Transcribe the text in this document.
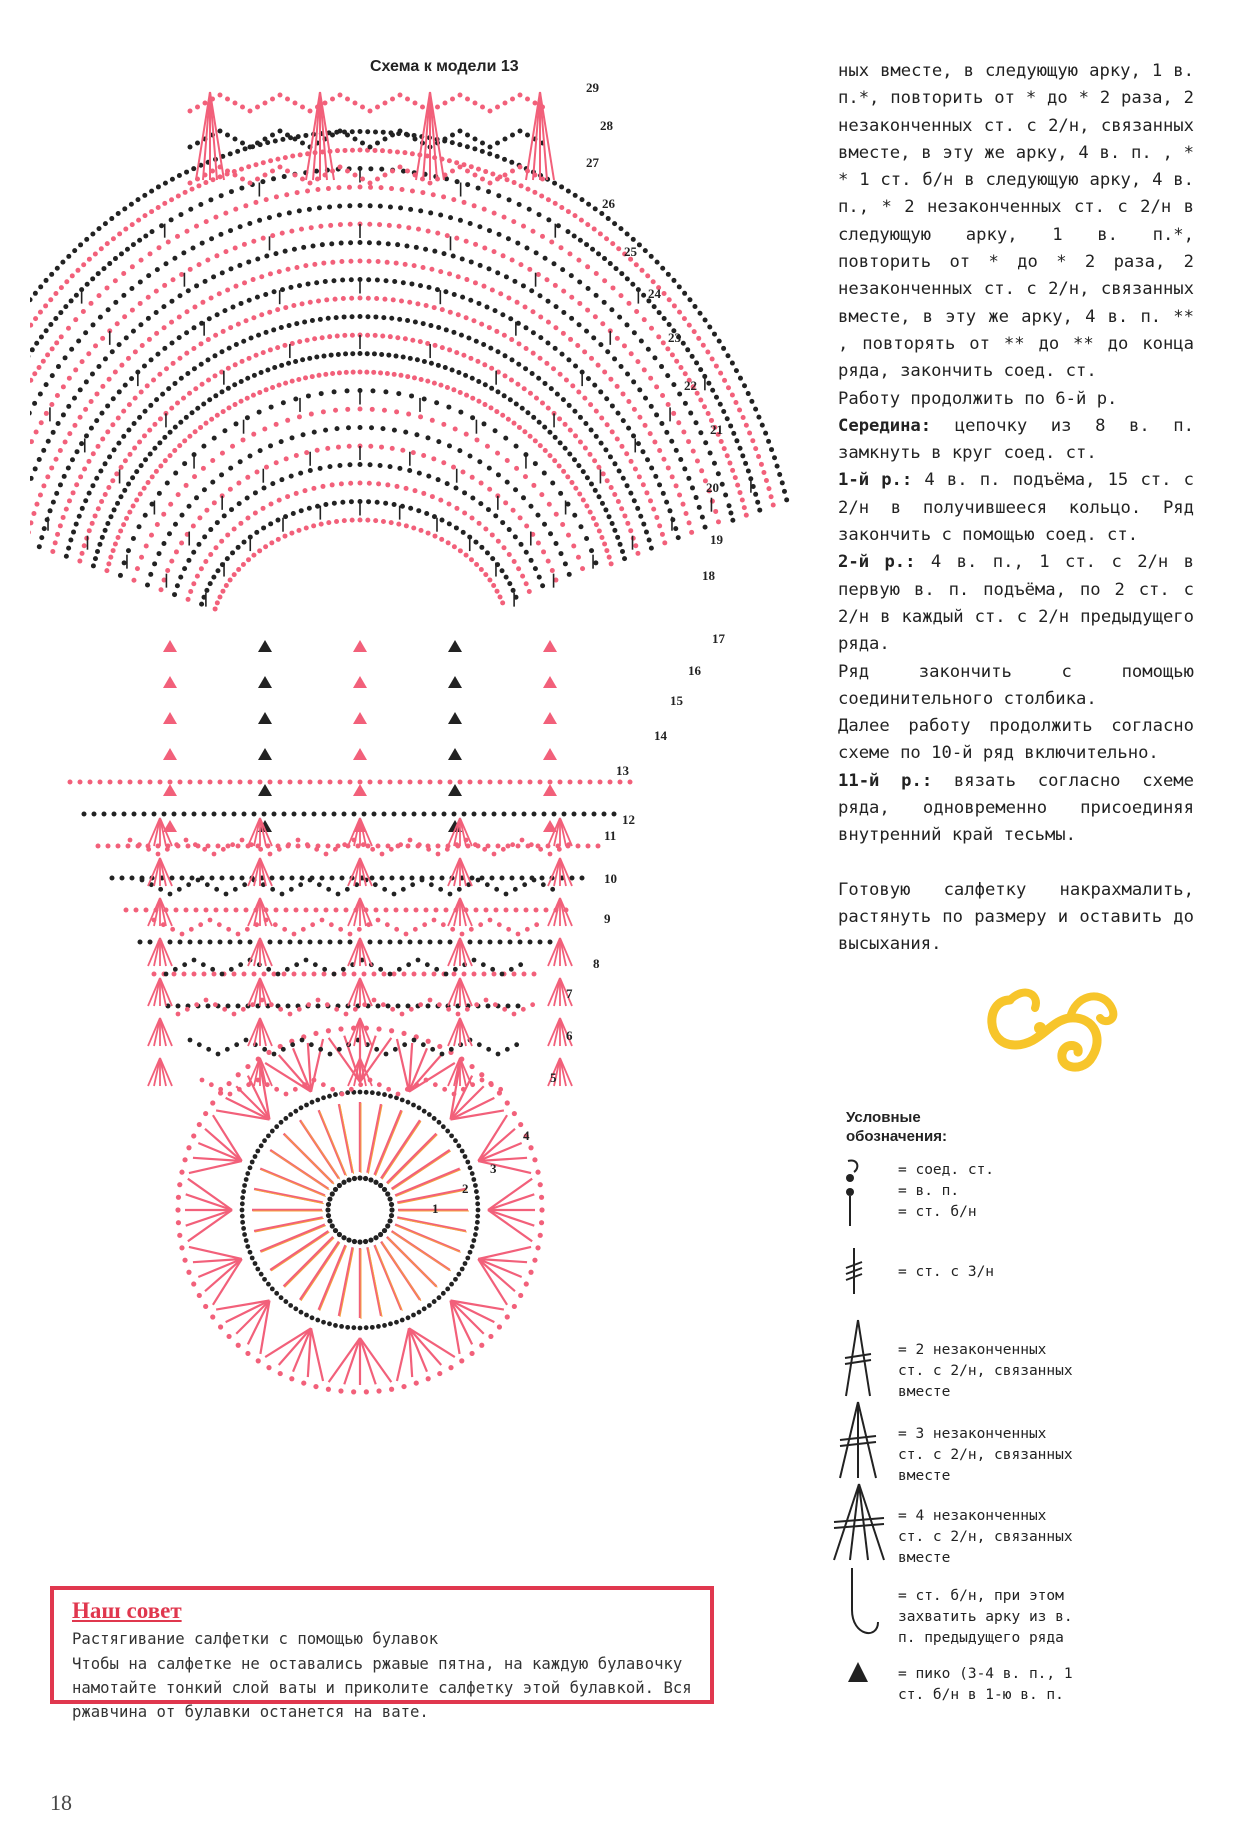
Схема к модели 13
1
2
3
4
5
6
7
8
9
10
11
12
13
14
15
16
17
18
19
20
21
22
23
24
25
26
27
28
29

ных вместе, в следующую арку, 1 в. п.*, повторить от * до * 2 раза, 2 незаконченных ст. с 2/н, связанных вместе, в эту же арку, 4 в. п. , * * 1 ст. б/н в следующую арку, 4 в. п., * 2 незаконченных ст. с 2/н в следующую арку, 1 в. п.*, повторить от * до * 2 раза, 2 незаконченных ст. с 2/н, связанных вместе, в эту же арку, 4 в. п. ** , повторять от ** до ** до конца ряда, закончить соед. ст.

Работу продолжить по 6-й р.

Середина: цепочку из 8 в. п. замкнуть в круг соед. ст.

1-й р.: 4 в. п. подъёма, 15 ст. с 2/н в получившееся кольцо. Ряд закончить с помощью соед. ст.

2-й р.: 4 в. п., 1 ст. с 2/н в первую в. п. подъёма, по 2 ст. с 2/н в каждый ст. с 2/н предыдущего ряда.

Ряд закончить с помощью соединительного столбика.

Далее работу продолжить согласно схеме по 10-й ряд включительно.

11-й р.: вязать согласно схеме ряда, одновременно присоединяя внутренний край тесьмы.

Готовую салфетку накрахмалить, растянуть по размеру и оставить до высыхания.

Условные
обозначения:
= соед. ст.
= в. п.
= ст. б/н
= ст. с 3/н
= 2 незаконченных ст. с 2/н, связанных вместе
= 3 незаконченных ст. с 2/н, связанных вместе
= 4 незаконченных ст. с 2/н, связанных вместе
= ст. б/н, при этом захватить арку из в. п. предыдущего ряда
= пико (3-4 в. п., 1 ст. б/н в 1-ю в. п.
Наш совет
Растягивание салфетки с помощью булавок
Чтобы на салфетке не оставались ржавые пятна, на каждую булавочку намотайте тонкий слой ваты и приколите салфетку этой булавкой. Вся ржавчина от булавки останется на вате.
18
